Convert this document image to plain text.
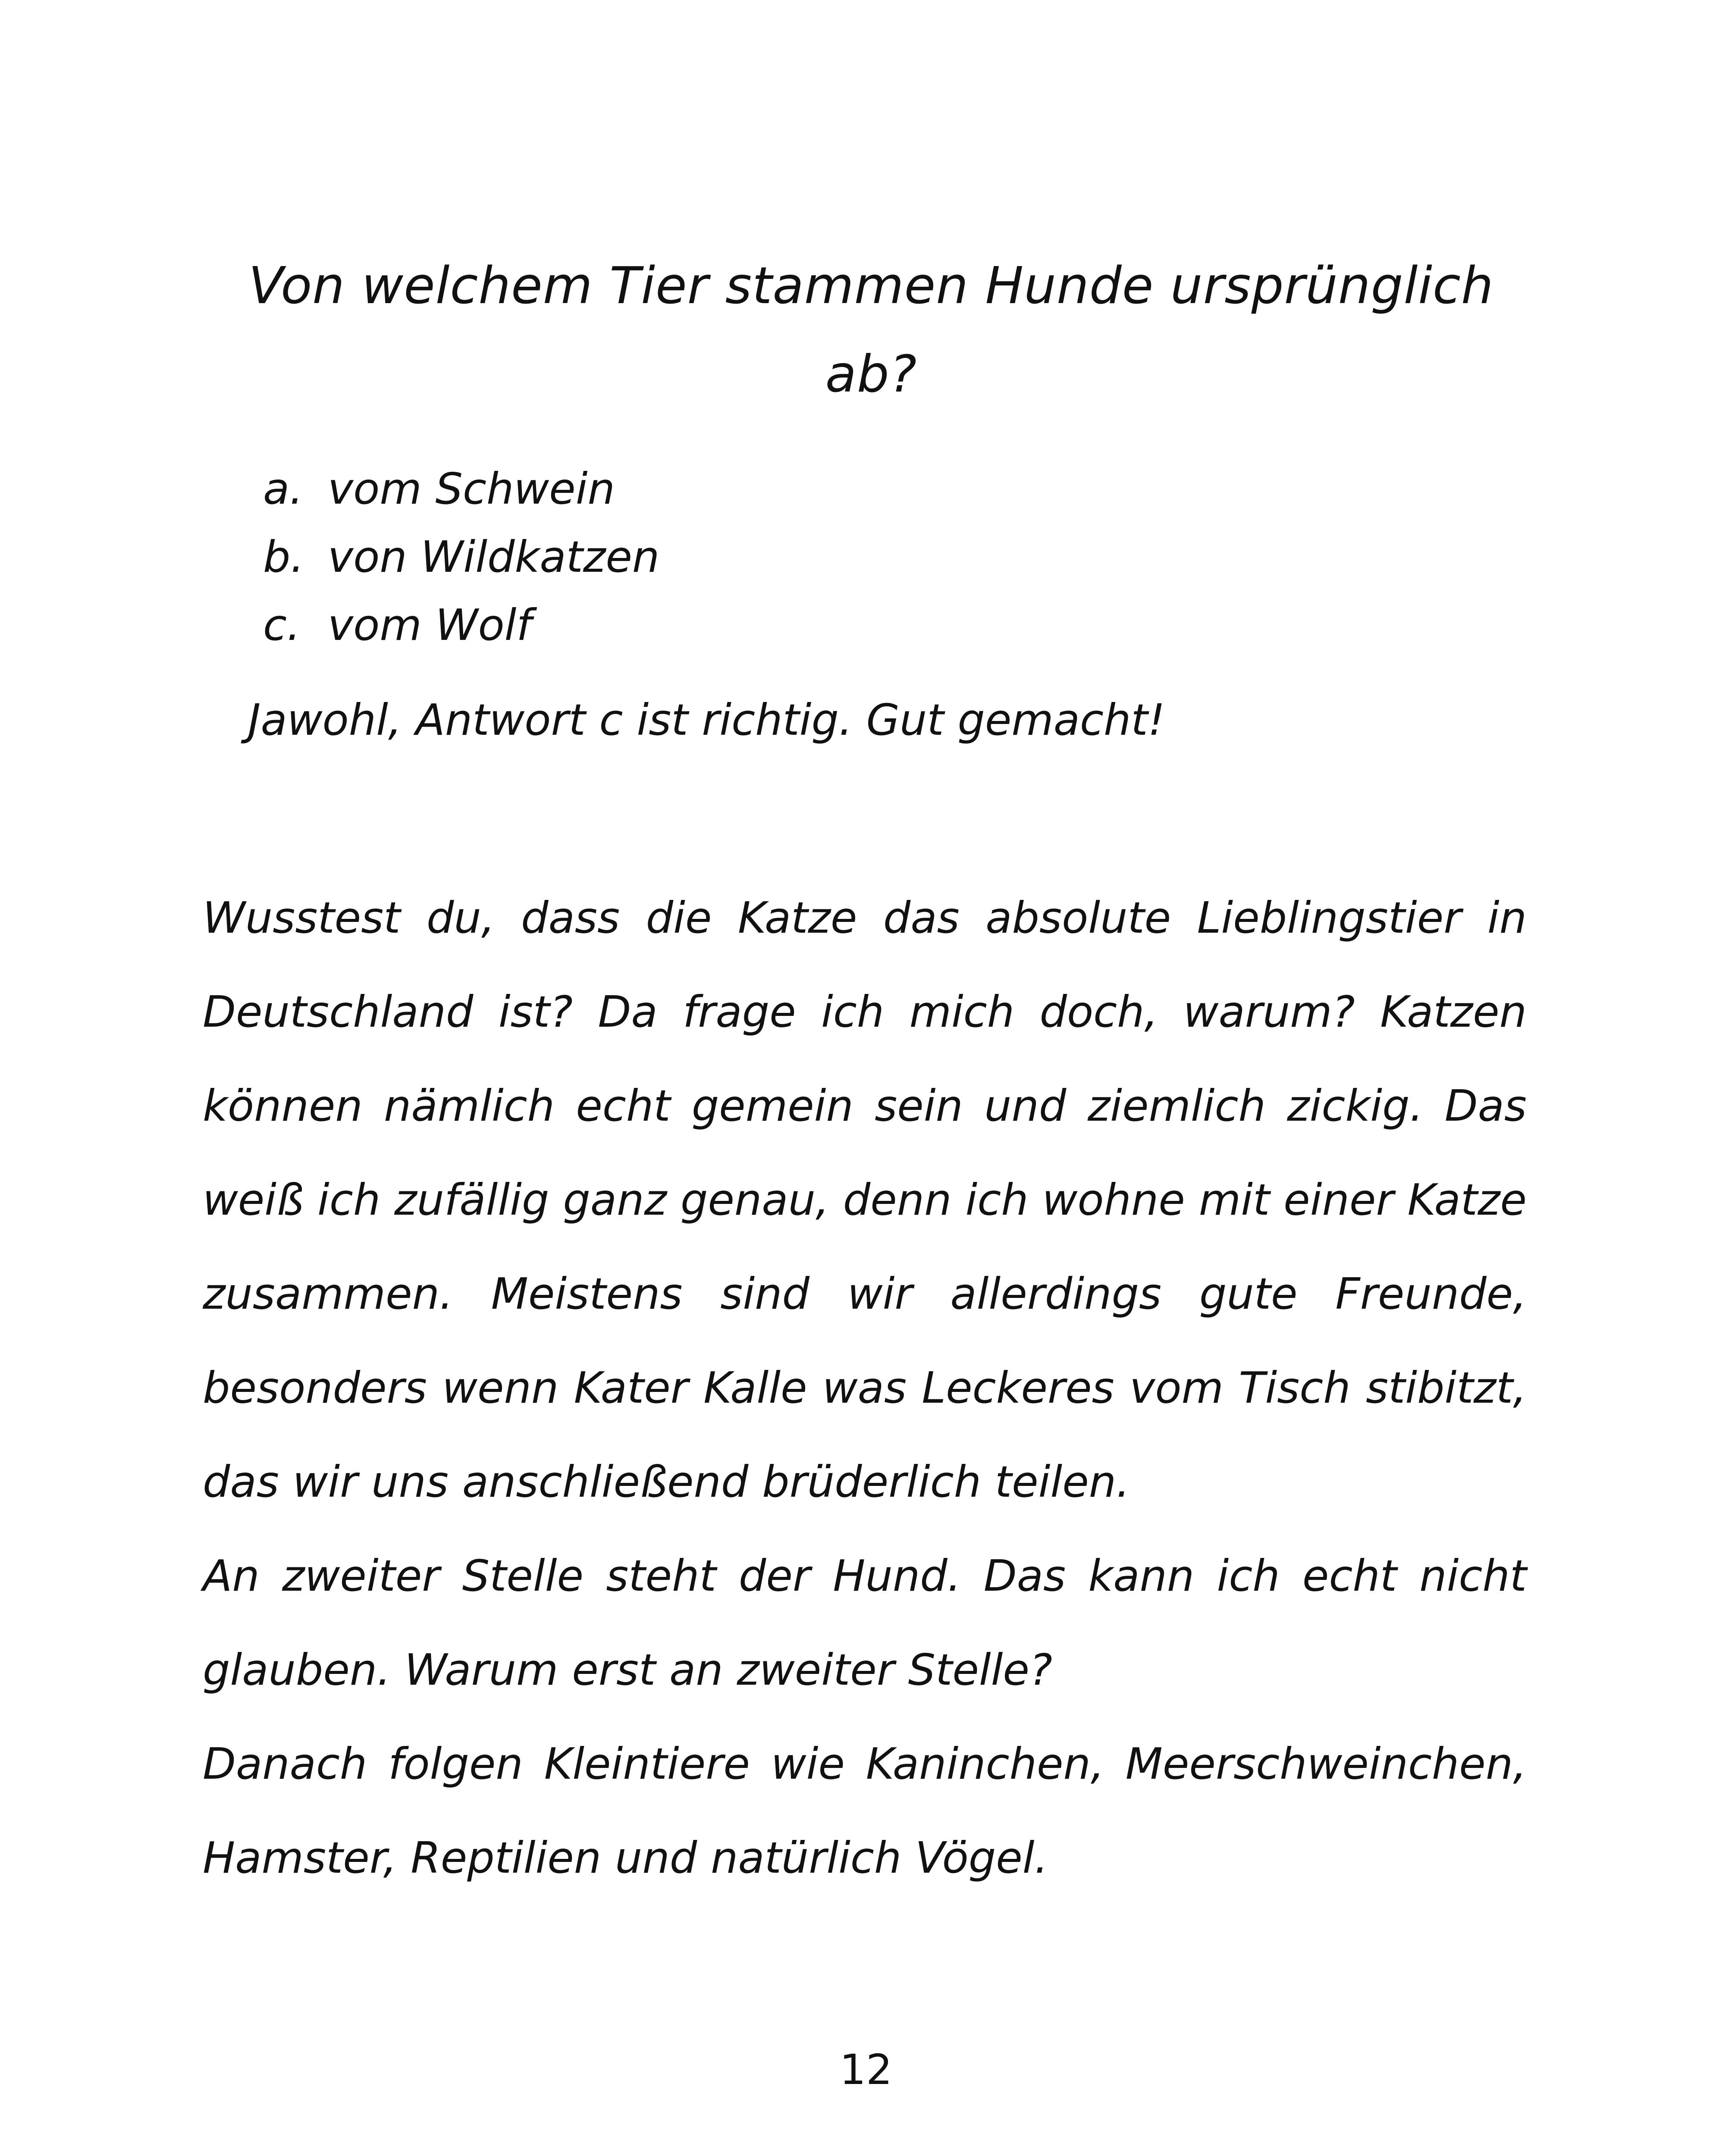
Von welchem Tier stammen Hunde ursprünglich ab?
a. vom Schwein
b. von Wildkatzen
c. vom Wolf
Jawohl, Antwort c ist richtig. Gut gemacht!

Wusstest du, dass die Katze das absolute Lieblingstier in Deutschland ist? Da frage ich mich doch, warum? Katzen können nämlich echt gemein sein und ziemlich zickig. Das weiß ich zufällig ganz genau, denn ich wohne mit einer Katze zusammen. Meistens sind wir allerdings gute Freunde, besonders wenn Kater Kalle was Leckeres vom Tisch stibitzt, das wir uns anschließend brüderlich teilen.

An zweiter Stelle steht der Hund. Das kann ich echt nicht glauben. Warum erst an zweiter Stelle?

Danach folgen Kleintiere wie Kaninchen, Meerschweinchen, Hamster, Reptilien und natürlich Vögel.

12
